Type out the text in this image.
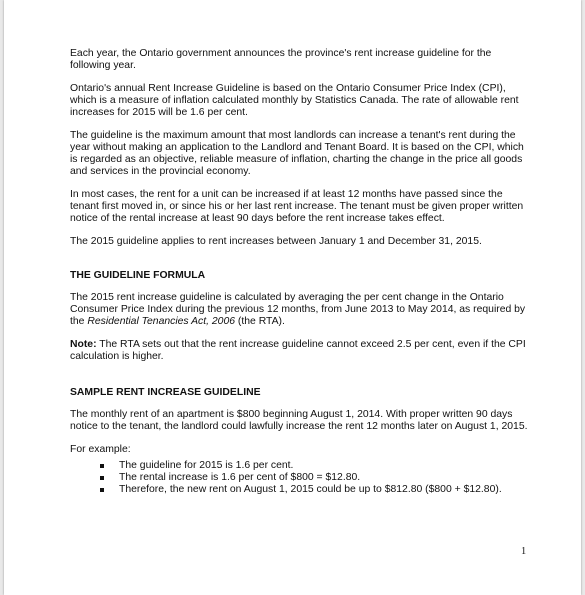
Each year, the Ontario government announces the province's rent increase guideline for the following year.

Ontario's annual Rent Increase Guideline is based on the Ontario Consumer Price Index (CPI), which is a measure of inflation calculated monthly by Statistics Canada. The rate of allowable rent increases for 2015 will be 1.6 per cent.

The guideline is the maximum amount that most landlords can increase a tenant's rent during the year without making an application to the Landlord and Tenant Board. It is based on the CPI, which is regarded as an objective, reliable measure of inflation, charting the change in the price all goods and services in the provincial economy.

In most cases, the rent for a unit can be increased if at least 12 months have passed since the tenant first moved in, or since his or her last rent increase. The tenant must be given proper written notice of the rental increase at least 90 days before the rent increase takes effect.

The 2015 guideline applies to rent increases between January 1 and December 31, 2015.

THE GUIDELINE FORMULA

The 2015 rent increase guideline is calculated by averaging the per cent change in the Ontario Consumer Price Index during the previous 12 months, from June 2013 to May 2014, as required by the Residential Tenancies Act, 2006 (the RTA).

Note: The RTA sets out that the rent increase guideline cannot exceed 2.5 per cent, even if the CPI calculation is higher.

SAMPLE RENT INCREASE GUIDELINE

The monthly rent of an apartment is $800 beginning August 1, 2014. With proper written 90 days notice to the tenant, the landlord could lawfully increase the rent 12 months later on August 1, 2015.

For example:

The guideline for 2015 is 1.6 per cent.
The rental increase is 1.6 per cent of $800 = $12.80.
Therefore, the new rent on August 1, 2015 could be up to $812.80 ($800 + $12.80).
1
